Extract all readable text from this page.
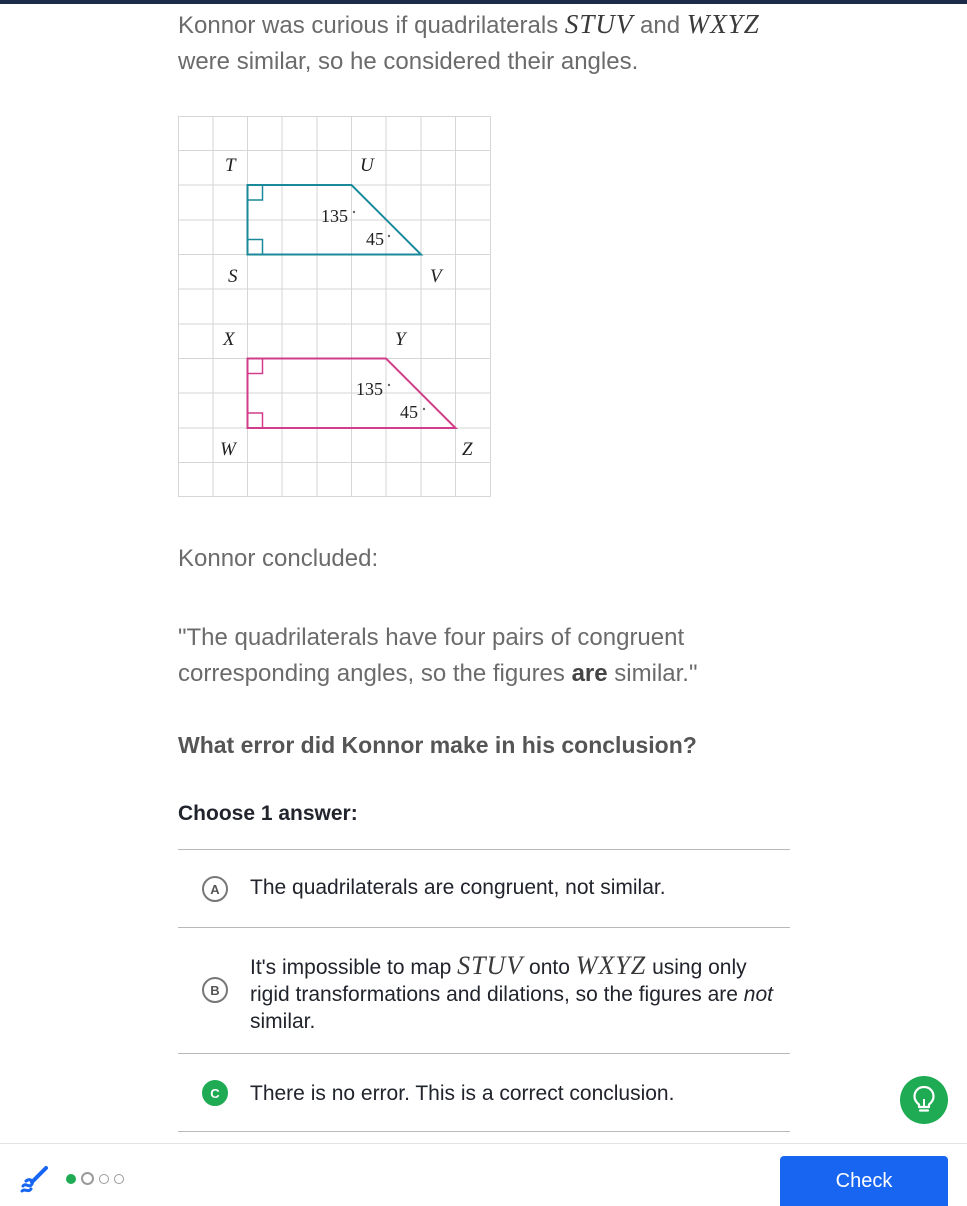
Konnor was curious if quadrilaterals STUV and WXYZ
were similar, so he considered their angles.
T	U
S	V
135
45
X	Y
W	Z
135
45
Konnor concluded:
"The quadrilaterals have four pairs of congruent corresponding angles, so the figures are similar."
What error did Konnor make in his conclusion?
Choose 1 answer:
A	The quadrilaterals are congruent, not similar.
B
It's impossible to map STUV onto WXYZ using only rigid transformations and dilations, so the figures are not similar.
C	There is no error. This is a correct conclusion.
Check
